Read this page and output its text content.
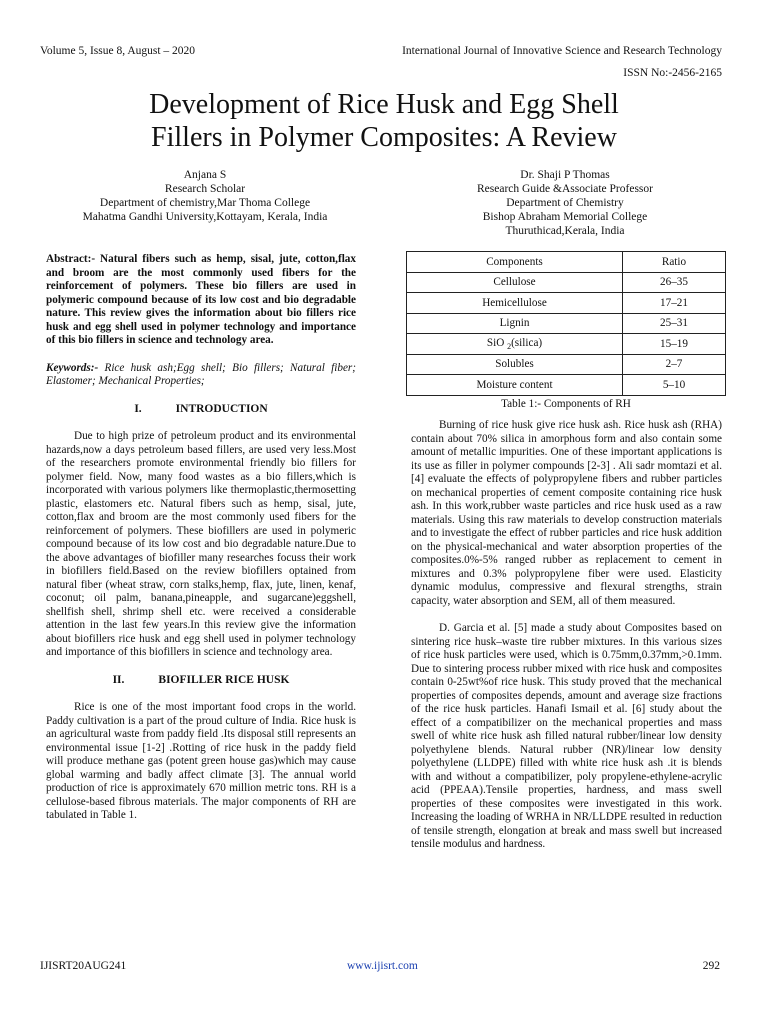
Volume 5, Issue 8, August – 2020	International Journal of Innovative Science and Research Technology
ISSN No:-2456-2165
Development of Rice Husk and Egg Shell
Fillers in Polymer Composites: A Review
Anjana S
Research Scholar
Department of chemistry,Mar Thoma College
Mahatma Gandhi University,Kottayam, Kerala, India
Dr. Shaji P Thomas
Research Guide &Associate Professor
Department of Chemistry
Bishop Abraham Memorial College
Thuruthicad,Kerala, India

Abstract:- Natural fibers such as hemp, sisal, jute, cotton,flax and broom are the most commonly used fibers for the reinforcement of polymers. These bio fillers are used in polymeric compound because of its low cost and bio degradable nature. This review gives the information about bio fillers rice husk and egg shell used in polymer technology and importance of this bio fillers in science and technology area.

Keywords:- Rice husk ash;Egg shell; Bio fillers; Natural fiber; Elastomer; Mechanical Properties;

I.	INTRODUCTION

Due to high prize of petroleum product and its environmental hazards,now a days petroleum based fillers, are used very less.Most of the researchers promote environmental friendly bio fillers for polymer field. Now, many food wastes as a bio fillers,which is incorporated with various polymers like thermoplastic,thermosetting plastic, elastomers etc. Natural fibers such as hemp, sisal, jute, cotton,flax and broom are the most commonly used fibers for the reinforcement of polymers. These biofillers are used in polymeric compound because of its low cost and bio degradable nature.Due to the above advantages of biofiller many researches focuss their work in biofillers field.Based on the review biofillers optained from natural fiber (wheat straw, corn stalks,hemp, flax, jute, linen, kenaf, coconut; oil palm, banana,pineapple, and sugarcane)eggshell, shellfish shell, shrimp shell etc. were received a considerable attention in the last few years.In this review give the information about biofillers rice husk and egg shell used in polymer technology and importance of this biofillers in science and technology area.

II.	BIOFILLER RICE HUSK

Rice is one of the most important food crops in the world. Paddy cultivation is a part of the proud culture of India. Rice husk is an agricultural waste from paddy field .Its disposal still represents an environmental issue [1-2] .Rotting of rice husk in the paddy field will produce methane gas (potent green house gas)which may cause global warming and badly affect climate [3]. The annual world production of rice is approximately 670 million metric tons. RH is a cellulose-based fibrous materials. The major components of RH are tabulated in Table 1.

Components	Ratio
Cellulose	26–35
Hemicellulose	17–21
Lignin	25–31
SiO $_2$(silica)	15–19
Solubles	2–7
Moisture content	5–10
Table 1:- Components of RH

Burning of rice husk give rice husk ash. Rice husk ash (RHA) contain about 70% silica in amorphous form and also contain some amount of metallic impurities. One of these important applications is its use as filler in polymer compounds [2-3] . Ali sadr momtazi et al. [4] evaluate the effects of polypropylene fibers and rubber particles on mechanical properties of cement composite containing rice husk ash. In this work,rubber waste particles and rice husk used as a raw materials. Using this raw materials to develop construction materials and to investigate the effect of rubber particles and rice husk addition on the physical-mechanical and water absorption properties of the composites.0%-5% ranged rubber as replacement to cement in mixtures and 0.3% polypropylene fiber were used. Elasticity dynamic modulus, compressive and flexural strengths, strain capacity, water absorption and SEM, all of them measured.

D. Garcia et al. [5] made a study about Composites based on sintering rice husk–waste tire rubber mixtures. In this various sizes of rice husk particles were used, which is 0.75mm,0.37mm,>0.1mm. Due to sintering process rubber mixed with rice husk and composites contain 0-25wt%of rice husk. This study proved that the mechanical properties of composites depends, amount and average size fractions of the rice husk particles. Hanafi Ismail et al. [6] study about the effect of a compatibilizer on the mechanical properties and mass swell of white rice husk ash filled natural rubber/linear low density polyethylene blends. Natural rubber (NR)/linear low density polyethylene (LLDPE) filled with white rice husk ash .it is blends with and without a compatibilizer, poly propylene-ethylene-acrylic acid (PPEAA).Tensile properties, hardness, and mass swell properties of these composites were investigated in this work. Increasing the loading of WRHA in NR/LLDPE resulted in reduction of tensile strength, elongation at break and mass swell but increased tensile modulus and hardness.

IJISRT20AUG241	www.ijisrt.com	292
